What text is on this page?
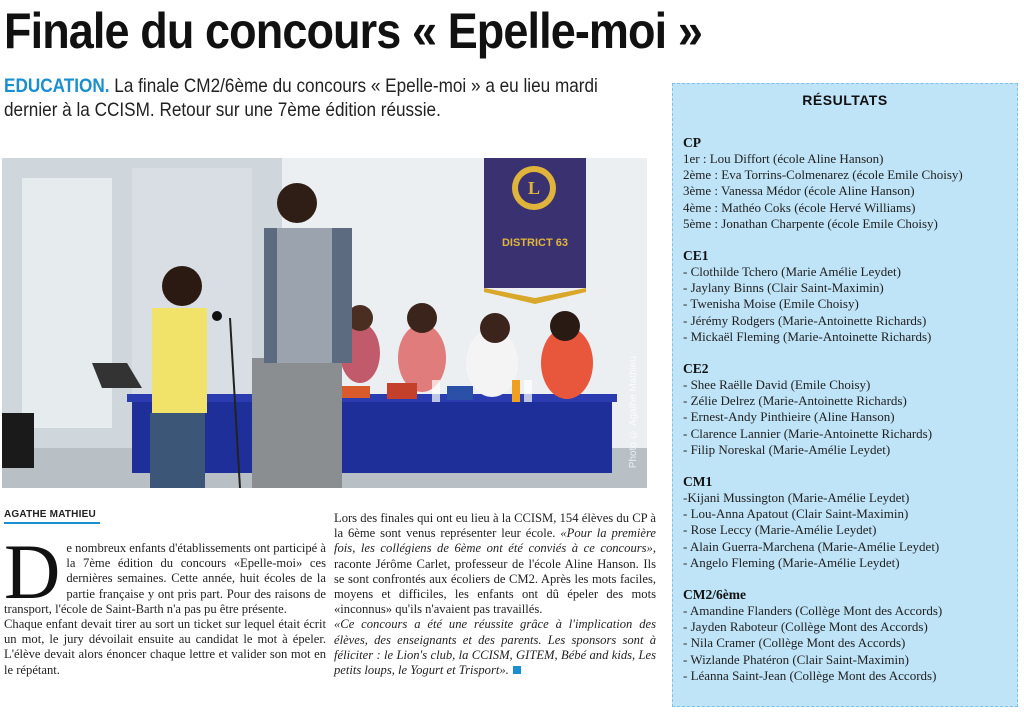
Finale du concours « Epelle-moi »
EDUCATION. La finale CM2/6ème du concours « Epelle-moi » a eu lieu mardi dernier à la CCISM. Retour sur une 7ème édition réussie.
L
DISTRICT 63
Photo © Agathe Mathieu
AGATHE MATHIEU
D e nombreux enfants d'établissements ont participé à la 7ème édition du concours «Epelle-moi» ces dernières semaines. Cette année, huit écoles de la partie française y ont pris part. Pour des raisons de transport, l'école de Saint-Barth n'a pas pu être présente.

Chaque enfant devait tirer au sort un ticket sur lequel était écrit un mot, le jury dévoilait ensuite au candidat le mot à épeler. L'élève devait alors énoncer chaque lettre et valider son mot en le répétant.

Lors des finales qui ont eu lieu à la CCISM, 154 élèves du CP à la 6ème sont venus représenter leur école. «Pour la première fois, les collégiens de 6ème ont été conviés à ce concours», raconte Jérôme Carlet, professeur de l'école Aline Hanson. Ils se sont confrontés aux écoliers de CM2. Après les mots faciles, moyens et difficiles, les enfants ont dû épeler des mots «inconnus» qu'ils n'avaient pas travaillés.

«Ce concours a été une réussite grâce à l'implication des élèves, des enseignants et des parents. Les sponsors sont à féliciter : le Lion's club, la CCISM, GITEM, Bébé and kids, Les petits loups, le Yogurt et Trisport».

RÉSULTATS
CP
1er : Lou Diffort (école Aline Hanson)
2ème : Eva Torrins-Colmenarez (école Emile Choisy)
3ème : Vanessa Médor (école Aline Hanson)
4ème : Mathéo Coks (école Hervé Williams)
5ème : Jonathan Charpente (école Emile Choisy)
CE1
- Clothilde Tchero (Marie Amélie Leydet)
- Jaylany Binns (Clair Saint-Maximin)
- Twenisha Moise (Emile Choisy)
- Jérémy Rodgers (Marie-Antoinette Richards)
- Mickaël Fleming (Marie-Antoinette Richards)
CE2
- Shee Raëlle David (Emile Choisy)
- Zélie Delrez (Marie-Antoinette Richards)
- Ernest-Andy Pinthieire (Aline Hanson)
- Clarence Lannier (Marie-Antoinette Richards)
- Filip Noreskal (Marie-Amélie Leydet)
CM1
-Kijani Mussington (Marie-Amélie Leydet)
- Lou-Anna Apatout (Clair Saint-Maximin)
- Rose Leccy (Marie-Amélie Leydet)
- Alain Guerra-Marchena (Marie-Amélie Leydet)
- Angelo Fleming (Marie-Amélie Leydet)
CM2/6ème
- Amandine Flanders (Collège Mont des Accords)
- Jayden Raboteur (Collège Mont des Accords)
- Nila Cramer (Collège Mont des Accords)
- Wizlande Phatéron (Clair Saint-Maximin)
- Léanna Saint-Jean (Collège Mont des Accords)
